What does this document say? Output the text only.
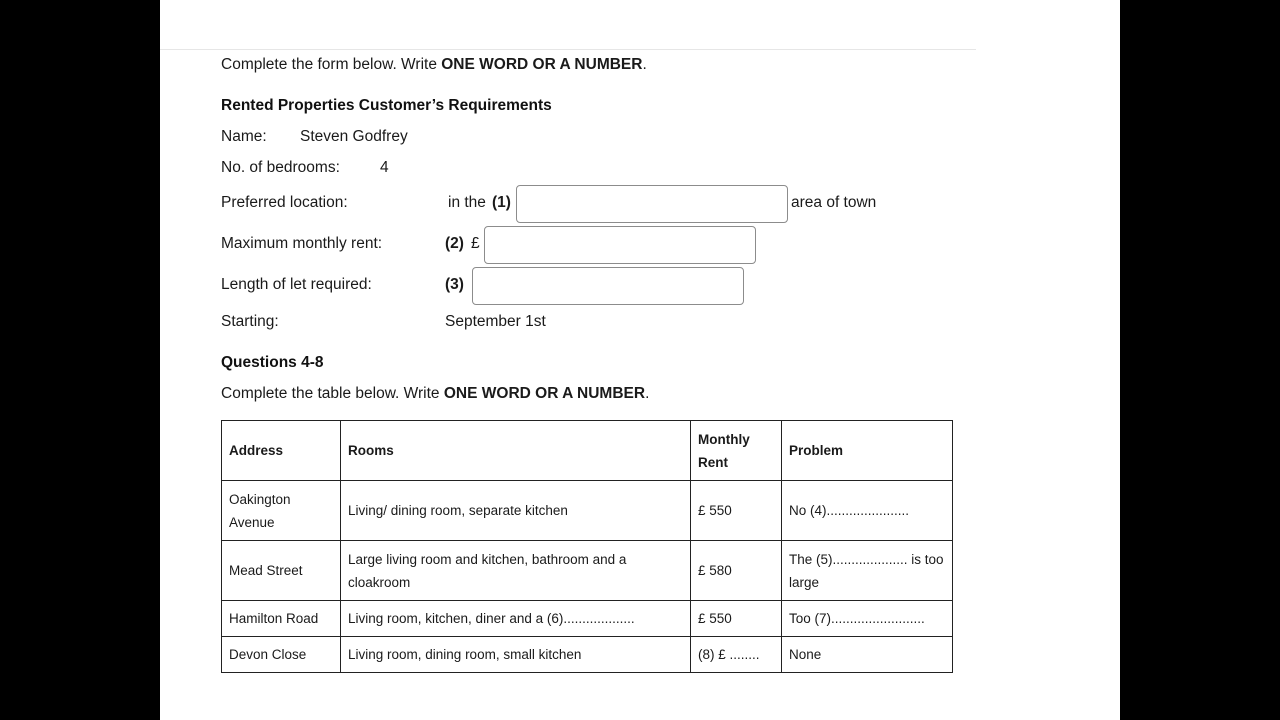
Complete the form below. Write ONE WORD OR A NUMBER.
Rented Properties Customer’s Requirements
Name: Steven Godfrey
No. of bedrooms:	4
Preferred location:	in the (1)	area of town
Maximum monthly rent:	(2) £
Length of let required:	(3)
Starting:	September 1st
Questions 4-8
Complete the table below. Write ONE WORD OR A NUMBER.
Address	Rooms	Monthly Rent	Problem
Oakington Avenue	Living/ dining room, separate kitchen	£ 550	No (4)......................
Mead Street	Large living room and kitchen, bathroom and a cloakroom	£ 580	The (5).................... is too large
Hamilton Road	Living room, kitchen, diner and a (6)...................	£ 550	Too (7).........................
Devon Close	Living room, dining room, small kitchen	(8) £ ........	None
